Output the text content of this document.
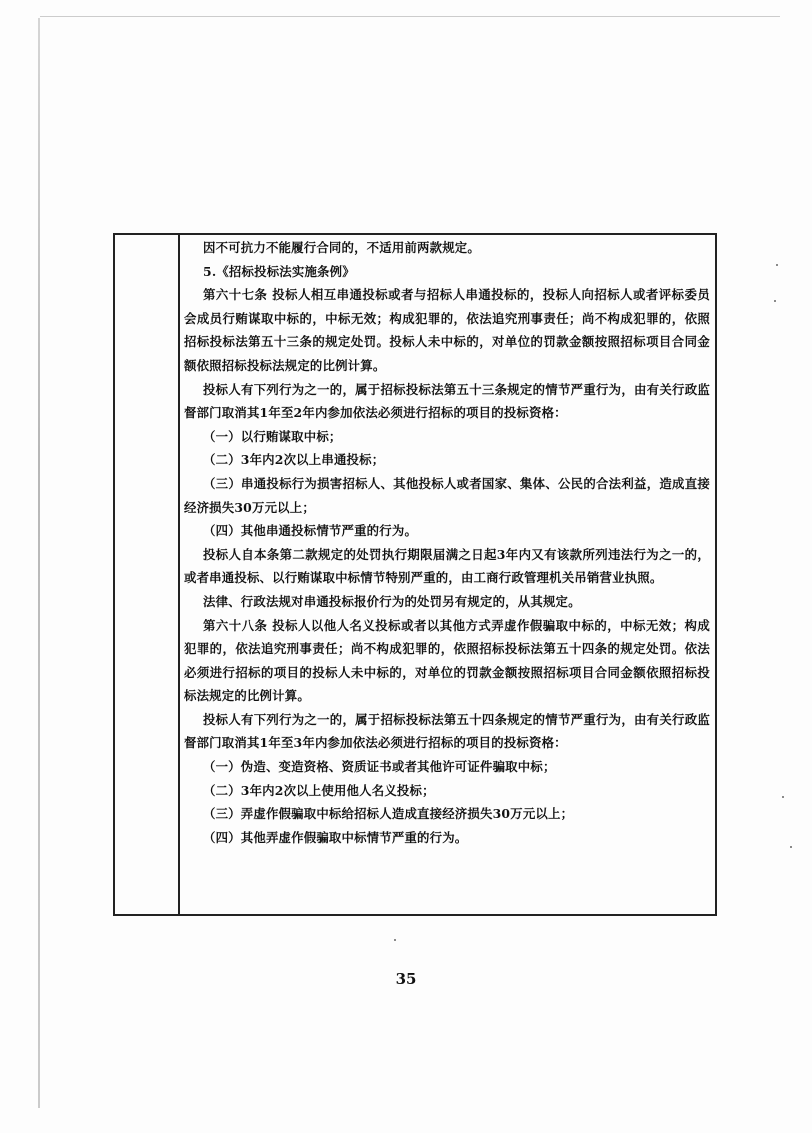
因不可抗力不能履行合同的，不适用前两款规定。

5.《招标投标法实施条例》

第六十七条 投标人相互串通投标或者与招标人串通投标的，投标人向招标人或者评标委员会成员行贿谋取中标的，中标无效；构成犯罪的，依法追究刑事责任；尚不构成犯罪的，依照招标投标法第五十三条的规定处罚。投标人未中标的，对单位的罚款金额按照招标项目合同金额依照招标投标法规定的比例计算。

投标人有下列行为之一的，属于招标投标法第五十三条规定的情节严重行为，由有关行政监督部门取消其1年至2年内参加依法必须进行招标的项目的投标资格：

（一）以行贿谋取中标；

（二）3年内2次以上串通投标；

（三）串通投标行为损害招标人、其他投标人或者国家、集体、公民的合法利益，造成直接经济损失30万元以上；

（四）其他串通投标情节严重的行为。

投标人自本条第二款规定的处罚执行期限届满之日起3年内又有该款所列违法行为之一的，或者串通投标、以行贿谋取中标情节特别严重的，由工商行政管理机关吊销营业执照。

法律、行政法规对串通投标报价行为的处罚另有规定的，从其规定。

第六十八条 投标人以他人名义投标或者以其他方式弄虚作假骗取中标的，中标无效；构成犯罪的，依法追究刑事责任；尚不构成犯罪的，依照招标投标法第五十四条的规定处罚。依法必须进行招标的项目的投标人未中标的，对单位的罚款金额按照招标项目合同金额依照招标投标法规定的比例计算。

投标人有下列行为之一的，属于招标投标法第五十四条规定的情节严重行为，由有关行政监督部门取消其1年至3年内参加依法必须进行招标的项目的投标资格：

（一）伪造、变造资格、资质证书或者其他许可证件骗取中标；

（二）3年内2次以上使用他人名义投标；

（三）弄虚作假骗取中标给招标人造成直接经济损失30万元以上；

（四）其他弄虚作假骗取中标情节严重的行为。

35
